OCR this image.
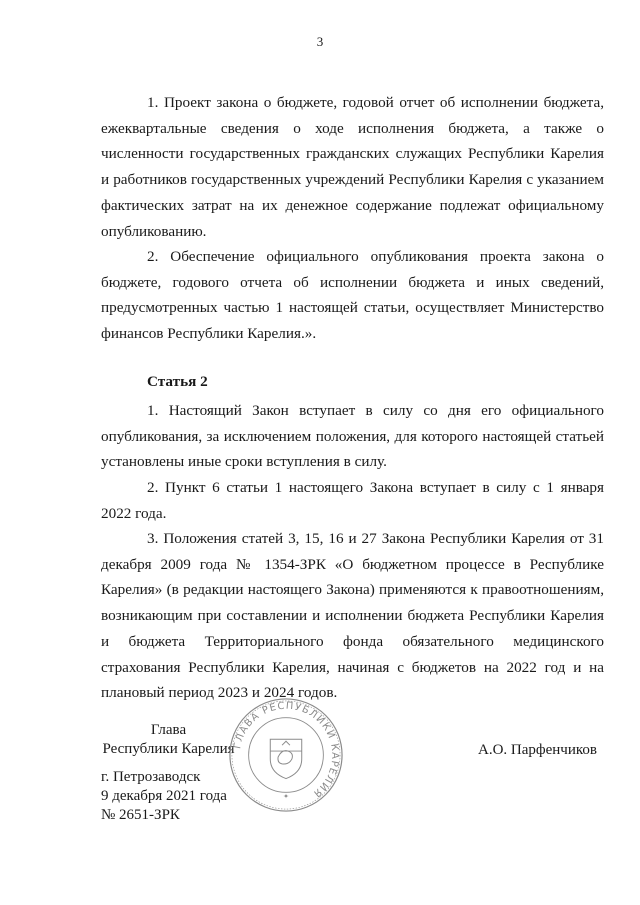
3

1. Проект закона о бюджете, годовой отчет об исполнении бюджета, ежеквартальные сведения о ходе исполнения бюджета, а также о численности государственных гражданских служащих Республики Карелия и работников государственных учреждений Республики Карелия с указанием фактических затрат на их денежное содержание подлежат официальному опубликованию.

2. Обеспечение официального опубликования проекта закона о бюджете, годового отчета об исполнении бюджета и иных сведений, предусмотренных частью 1 настоящей статьи, осуществляет Министерство финансов Республики Карелия.».

Статья 2

1. Настоящий Закон вступает в силу со дня его официального опубликования, за исключением положения, для которого настоящей статьей установлены иные сроки вступления в силу.

2. Пункт 6 статьи 1 настоящего Закона вступает в силу с 1 января 2022 года.

3. Положения статей 3, 15, 16 и 27 Закона Республики Карелия от 31 декабря 2009 года № 1354-ЗРК «О бюджетном процессе в Республике Карелия» (в редакции настоящего Закона) применяются к правоотношениям, возникающим при составлении и исполнении бюджета Республики Карелия и бюджета Территориального фонда обязательного медицинского страхования Республики Карелия, начиная с бюджетов на 2022 год и на плановый период 2023 и 2024 годов.

Глава
Республики Карелия	А.О. Парфенчиков
г. Петрозаводск
9 декабря 2021 года
№ 2651-ЗРК
ГЛАВА РЕСПУБЛИКИ КАРЕЛИЯ
✦
